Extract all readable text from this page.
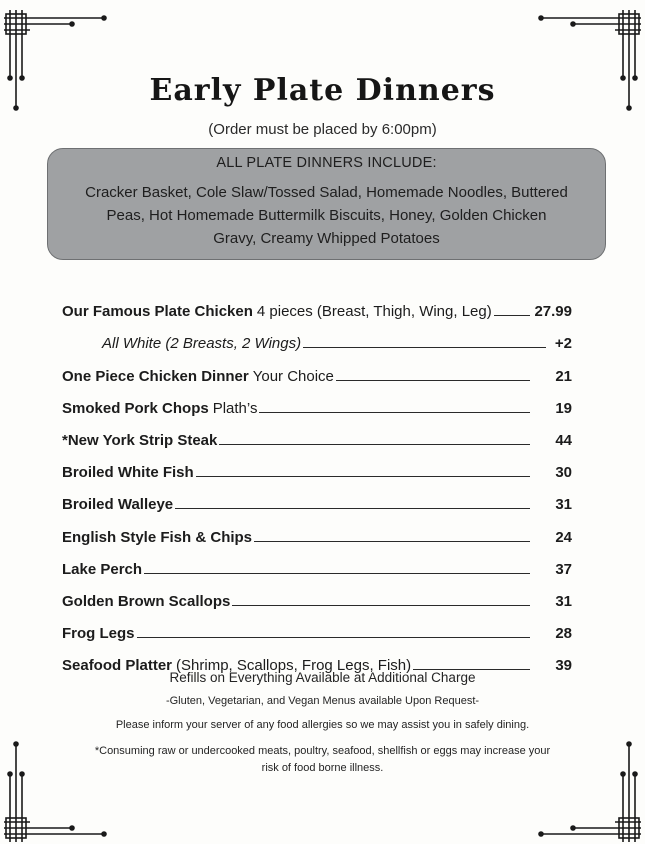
Early Plate Dinners
(Order must be placed by 6:00pm)
ALL PLATE DINNERS INCLUDE:
Cracker Basket, Cole Slaw/Tossed Salad, Homemade Noodles, Buttered
Peas, Hot Homemade Buttermilk Biscuits, Honey, Golden Chicken
Gravy, Creamy Whipped Potatoes
Our Famous Plate Chicken 4 pieces (Breast, Thigh, Wing, Leg)	27.99
All White (2 Breasts, 2 Wings)	+2
One Piece Chicken Dinner Your Choice	21
Smoked Pork Chops Plath’s	19
*New York Strip Steak	44
Broiled White Fish	30
Broiled Walleye	31
English Style Fish & Chips	24
Lake Perch	37
Golden Brown Scallops	31
Frog Legs	28
Seafood Platter (Shrimp, Scallops, Frog Legs, Fish)	39
Refills on Everything Available at Additional Charge
-Gluten, Vegetarian, and Vegan Menus available Upon Request-
Please inform your server of any food allergies so we may assist you in safely dining.
*Consuming raw or undercooked meats, poultry, seafood, shellfish or eggs may increase your
risk of food borne illness.
